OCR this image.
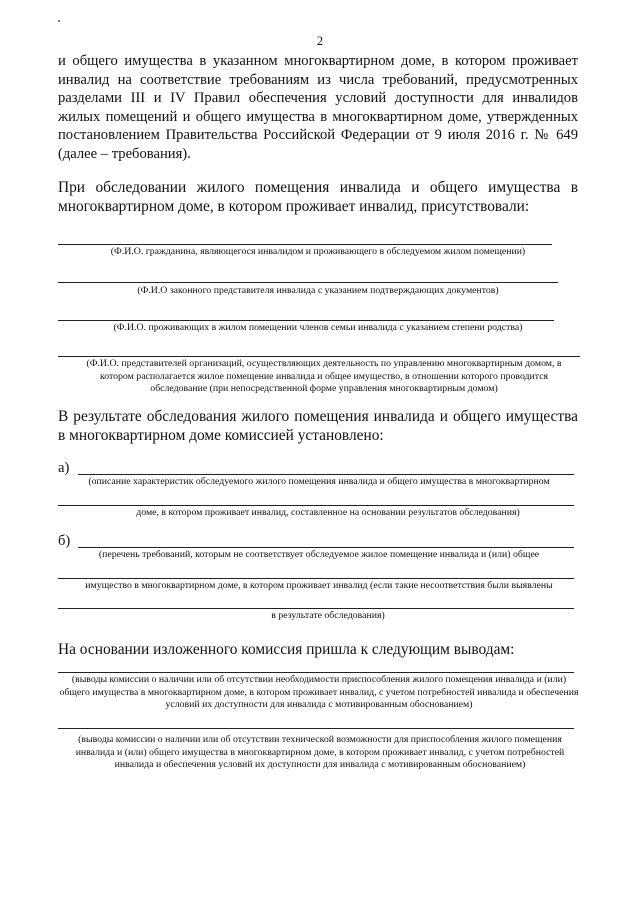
2
и общего имущества в указанном многоквартирном доме, в котором проживает инвалид на соответствие требованиям из числа требований, предусмотренных разделами III и IV Правил обеспечения условий доступности для инвалидов жилых помещений и общего имущества в многоквартирном доме, утвержденных постановлением Правительства Российской Федерации от 9 июля 2016 г. № 649 (далее – требования).
При обследовании жилого помещения инвалида и общего имущества в многоквартирном доме, в котором проживает инвалид, присутствовали:
(Ф.И.О. гражданина, являющегося инвалидом и проживающего в обследуемом жилом помещении)
(Ф.И.О законного представителя инвалида с указанием подтверждающих документов)
(Ф.И.О. проживающих в жилом помещении членов семьи инвалида с указанием степени родства)
(Ф.И.О. представителей организаций, осуществляющих деятельность по управлению многоквартирным домом, в котором располагается жилое помещение инвалида и общее имущество, в отношении которого проводится обследование (при непосредственной форме управления многоквартирным домом)
В результате обследования жилого помещения инвалида и общего имущества в многоквартирном доме комиссией установлено:
а)
(описание характеристик обследуемого жилого помещения инвалида и общего имущества в многоквартирном
доме, в котором проживает инвалид, составленное на основании результатов обследования)
б)
(перечень требований, которым не соответствует обследуемое жилое помещение инвалида и (или) общее
имущество в многоквартирном доме, в котором проживает инвалид (если такие несоответствия были выявлены
в результате обследования)
На основании изложенного комиссия пришла к следующим выводам:
(выводы комиссии о наличии или об отсутствии необходимости приспособления жилого помещения инвалида и (или) общего имущества в многоквартирном доме, в котором проживает инвалид, с учетом потребностей инвалида и обеспечения условий их доступности для инвалида с мотивированным обоснованием)
(выводы комиссии о наличии или об отсутствии технической возможности для приспособления жилого помещения инвалида и (или) общего имущества в многоквартирном доме, в котором проживает инвалид, с учетом потребностей инвалида и обеспечения условий их доступности для инвалида с мотивированным обоснованием)
